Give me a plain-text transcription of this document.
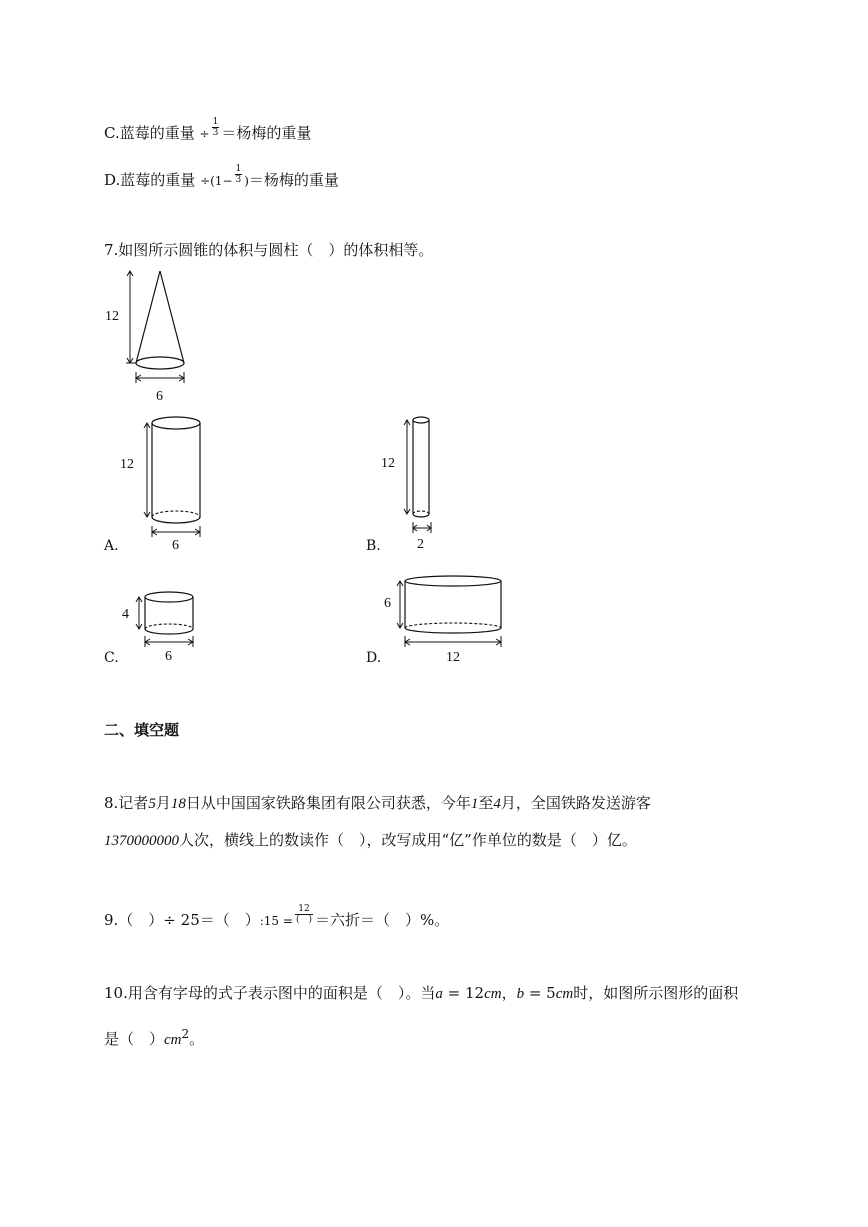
C.蓝莓的重量 ÷ $\frac{1}{3}$ ＝杨梅的重量
D.蓝莓的重量 $\div(1- \frac{1}{3}$ )＝杨梅的重量
7.如图所示圆锥的体积与圆柱（　）的体积相等。
12
6
12
6
A.
12
2
B.
4
6
C.
6
12
D.
二、填空题
8.记者5月18日从中国国家铁路集团有限公司获悉，今年1至4月，全国铁路发送游客
1370000000人次，横线上的数读作（　），改写成用“亿”作单位的数是（　）亿。
9.（　）÷ 25＝（　）:15 = $\frac{12}{( )}$ ＝六折＝（　）%。
10.用含有字母的式子表示图中的面积是（　）。当a = 12cm，b = 5cm时，如图所示图形的面积
是（　）$cm^2$。
